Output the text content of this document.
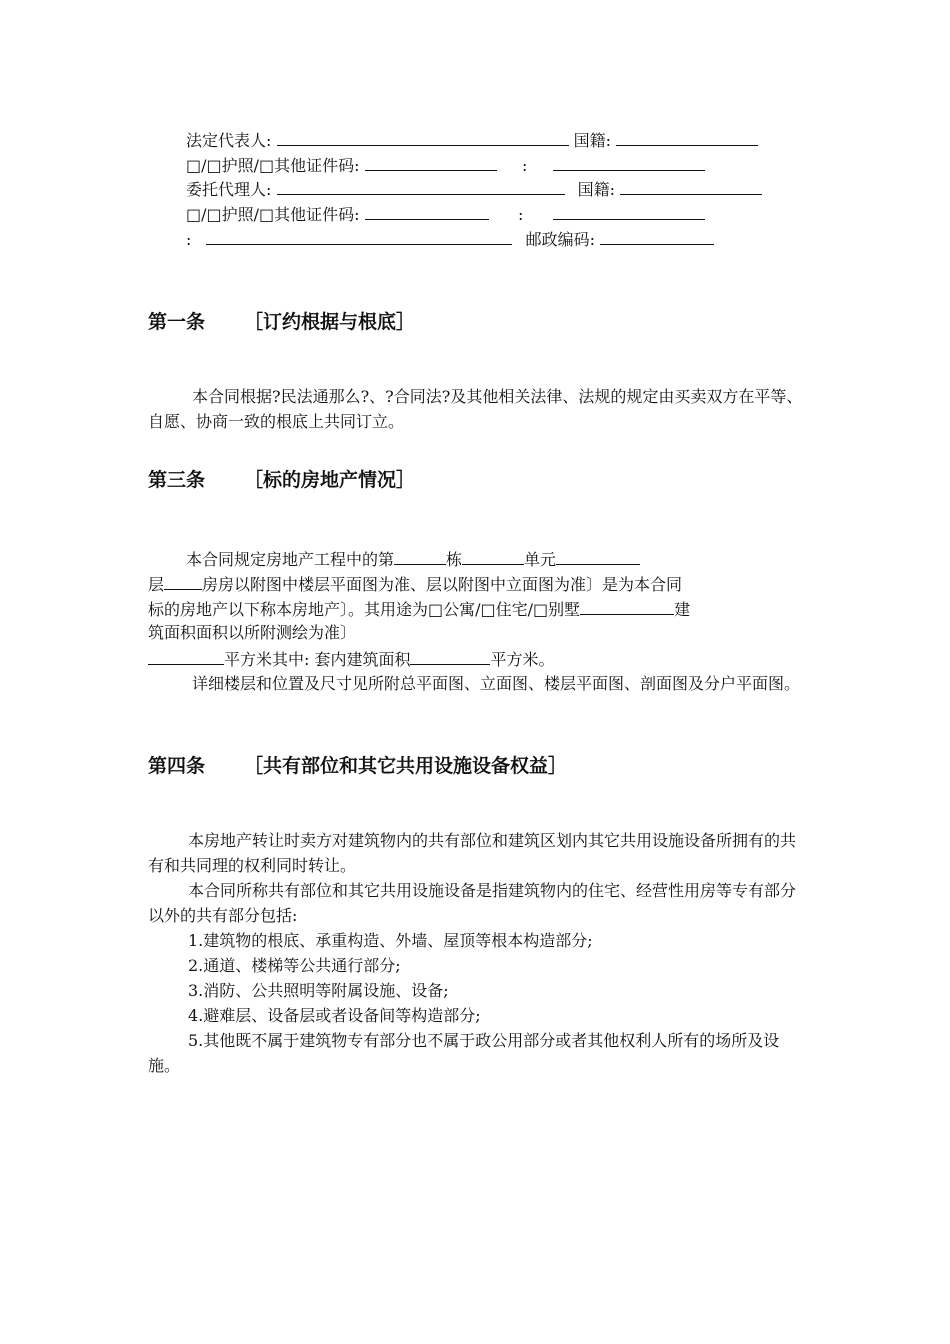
法定代表人:	国籍:
□/□护照/□其他证件码:	:
委托代理人:	国籍:
□/□护照/□其他证件码:	:
:	邮政编码:
第一条 ［订约根据与根底］

本合同根据?民法通那么?、?合同法?及其他相关法律、法规的规定由买卖双方在平等、自愿、协商一致的根底上共同订立。

第三条 ［标的房地产情况］
本合同规定房地产工程中的第	栋	单元
层 房房以附图中楼层平面图为准、层以附图中立面图为准〕是为本合同
标的房地产以下称本房地产〕。其用途为□公寓/□住宅/□别墅	建
筑面积面积以所附测绘为准〕
平方米其中: 套内建筑面积	平方米。

详细楼层和位置及尺寸见所附总平面图、立面图、楼层平面图、剖面图及分户平面图。

第四条 ［共有部位和其它共用设施设备权益］

本房地产转让时卖方对建筑物内的共有部位和建筑区划内其它共用设施设备所拥有的共有和共同理的权利同时转让。

本合同所称共有部位和其它共用设施设备是指建筑物内的住宅、经营性用房等专有部分以外的共有部分包括:

1.建筑物的根底、承重构造、外墙、屋顶等根本构造部分;

2.通道、楼梯等公共通行部分;

3.消防、公共照明等附属设施、设备;

4.避难层、设备层或者设备间等构造部分;

5.其他既不属于建筑物专有部分也不属于政公用部分或者其他权利人所有的场所及设施。
